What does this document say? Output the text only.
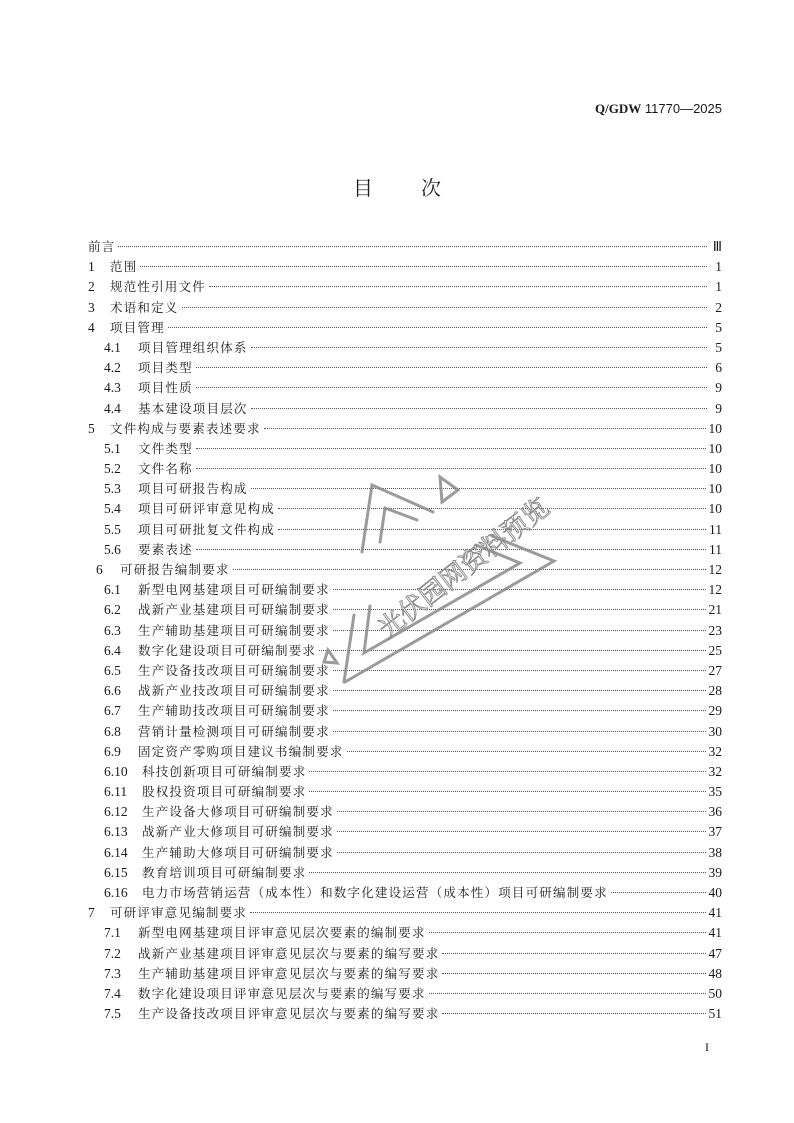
Q/GDW 11770—2025
目次
前言	Ⅲ
1	范围	1
2	规范性引用文件	1
3	术语和定义	2
4	项目管理	5
4.1	项目管理组织体系	5
4.2	项目类型	6
4.3	项目性质	9
4.4	基本建设项目层次	9
5	文件构成与要素表述要求	10
5.1	文件类型	10
5.2	文件名称	10
5.3	项目可研报告构成	10
5.4	项目可研评审意见构成	10
5.5	项目可研批复文件构成	11
5.6	要素表述	11
6	可研报告编制要求	12
6.1	新型电网基建项目可研编制要求	12
6.2	战新产业基建项目可研编制要求	21
6.3	生产辅助基建项目可研编制要求	23
6.4	数字化建设项目可研编制要求	25
6.5	生产设备技改项目可研编制要求	27
6.6	战新产业技改项目可研编制要求	28
6.7	生产辅助技改项目可研编制要求	29
6.8	营销计量检测项目可研编制要求	30
6.9	固定资产零购项目建议书编制要求	32
6.10	科技创新项目可研编制要求	32
6.11	股权投资项目可研编制要求	35
6.12	生产设备大修项目可研编制要求	36
6.13	战新产业大修项目可研编制要求	37
6.14	生产辅助大修项目可研编制要求	38
6.15	教育培训项目可研编制要求	39
6.16	电力市场营销运营（成本性）和数字化建设运营（成本性）项目可研编制要求	40
7	可研评审意见编制要求	41
7.1	新型电网基建项目评审意见层次要素的编制要求	41
7.2	战新产业基建项目评审意见层次与要素的编写要求	47
7.3	生产辅助基建项目评审意见层次与要素的编写要求	48
7.4	数字化建设项目评审意见层次与要素的编写要求	50
7.5	生产设备技改项目评审意见层次与要素的编写要求	51
I
光伏园网资料预览
